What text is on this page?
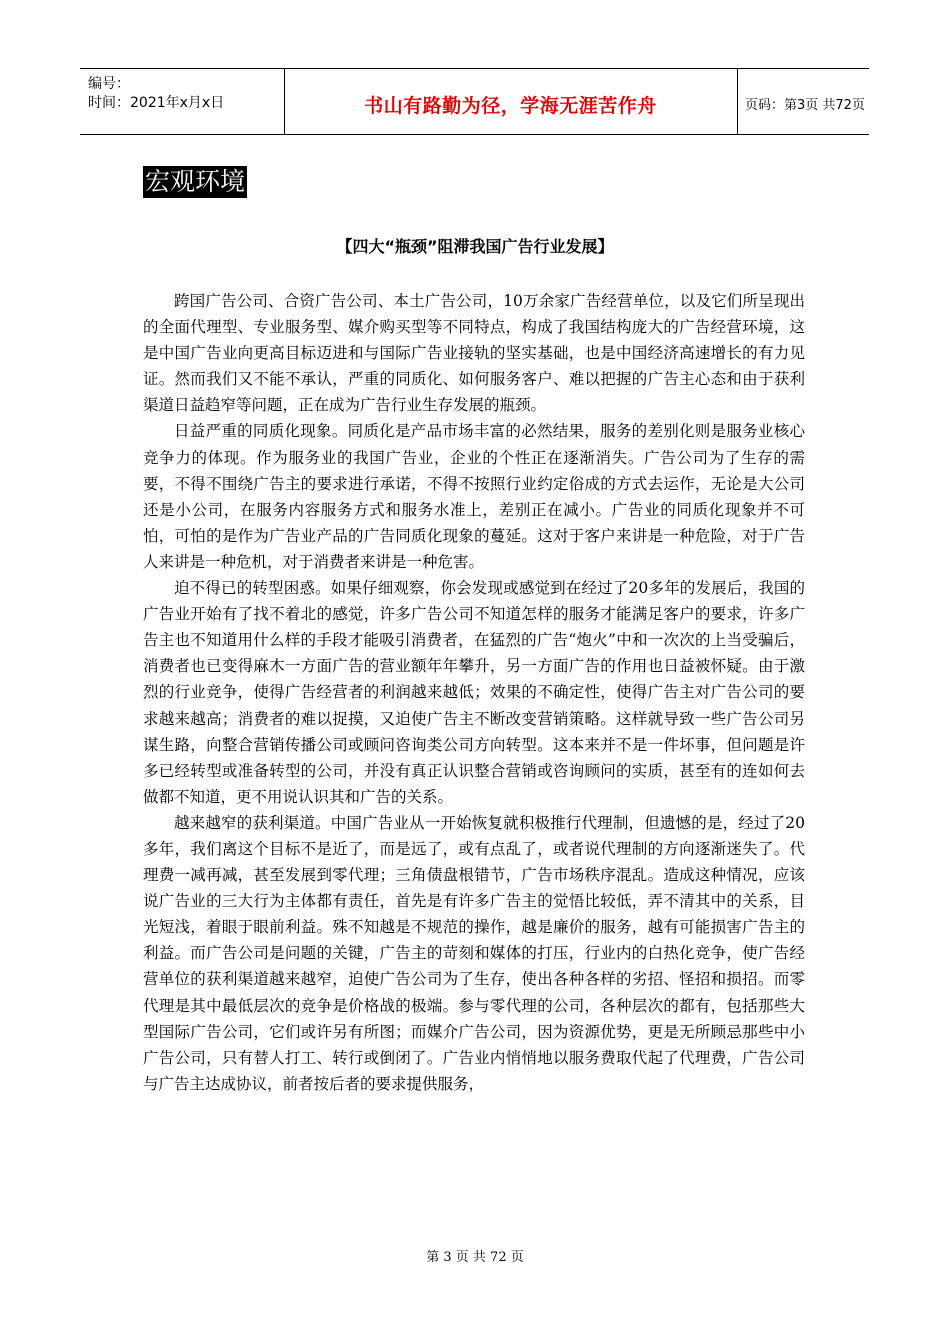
编号：
时间：2021年x月x日	书山有路勤为径，学海无涯苦作舟	页码：第3页 共72页
宏观环境
【四大“瓶颈”阻滞我国广告行业发展】

跨国广告公司、合资广告公司、本土广告公司，10万余家广告经营单位，以及它们所呈现出的全面代理型、专业服务型、媒介购买型等不同特点，构成了我国结构庞大的广告经营环境，这是中国广告业向更高目标迈进和与国际广告业接轨的坚实基础，也是中国经济高速增长的有力见证。然而我们又不能不承认，严重的同质化、如何服务客户、难以把握的广告主心态和由于获利渠道日益趋窄等问题，正在成为广告行业生存发展的瓶颈。

日益严重的同质化现象。同质化是产品市场丰富的必然结果，服务的差别化则是服务业核心竞争力的体现。作为服务业的我国广告业，企业的个性正在逐渐消失。广告公司为了生存的需要，不得不围绕广告主的要求进行承诺，不得不按照行业约定俗成的方式去运作，无论是大公司还是小公司，在服务内容服务方式和服务水准上，差别正在减小。广告业的同质化现象并不可怕，可怕的是作为广告业产品的广告同质化现象的蔓延。这对于客户来讲是一种危险，对于广告人来讲是一种危机，对于消费者来讲是一种危害。

迫不得已的转型困惑。如果仔细观察，你会发现或感觉到在经过了20多年的发展后，我国的广告业开始有了找不着北的感觉，许多广告公司不知道怎样的服务才能满足客户的要求，许多广告主也不知道用什么样的手段才能吸引消费者，在猛烈的广告“炮火”中和一次次的上当受骗后，消费者也已变得麻木一方面广告的营业额年年攀升，另一方面广告的作用也日益被怀疑。由于激烈的行业竞争，使得广告经营者的利润越来越低；效果的不确定性，使得广告主对广告公司的要求越来越高；消费者的难以捉摸，又迫使广告主不断改变营销策略。这样就导致一些广告公司另谋生路，向整合营销传播公司或顾问咨询类公司方向转型。这本来并不是一件坏事，但问题是许多已经转型或准备转型的公司，并没有真正认识整合营销或咨询顾问的实质，甚至有的连如何去做都不知道，更不用说认识其和广告的关系。

越来越窄的获利渠道。中国广告业从一开始恢复就积极推行代理制，但遗憾的是，经过了20多年，我们离这个目标不是近了，而是远了，或有点乱了，或者说代理制的方向逐渐迷失了。代理费一减再减，甚至发展到零代理；三角债盘根错节，广告市场秩序混乱。造成这种情况，应该说广告业的三大行为主体都有责任，首先是有许多广告主的觉悟比较低，弄不清其中的关系，目光短浅，着眼于眼前利益。殊不知越是不规范的操作，越是廉价的服务，越有可能损害广告主的利益。而广告公司是问题的关键，广告主的苛刻和媒体的打压，行业内的白热化竞争，使广告经营单位的获利渠道越来越窄，迫使广告公司为了生存，使出各种各样的劣招、怪招和损招。而零代理是其中最低层次的竞争是价格战的极端。参与零代理的公司，各种层次的都有，包括那些大型国际广告公司，它们或许另有所图；而媒介广告公司，因为资源优势，更是无所顾忌那些中小广告公司，只有替人打工、转行或倒闭了。广告业内悄悄地以服务费取代起了代理费，广告公司与广告主达成协议，前者按后者的要求提供服务，

第 3 页 共 72 页
